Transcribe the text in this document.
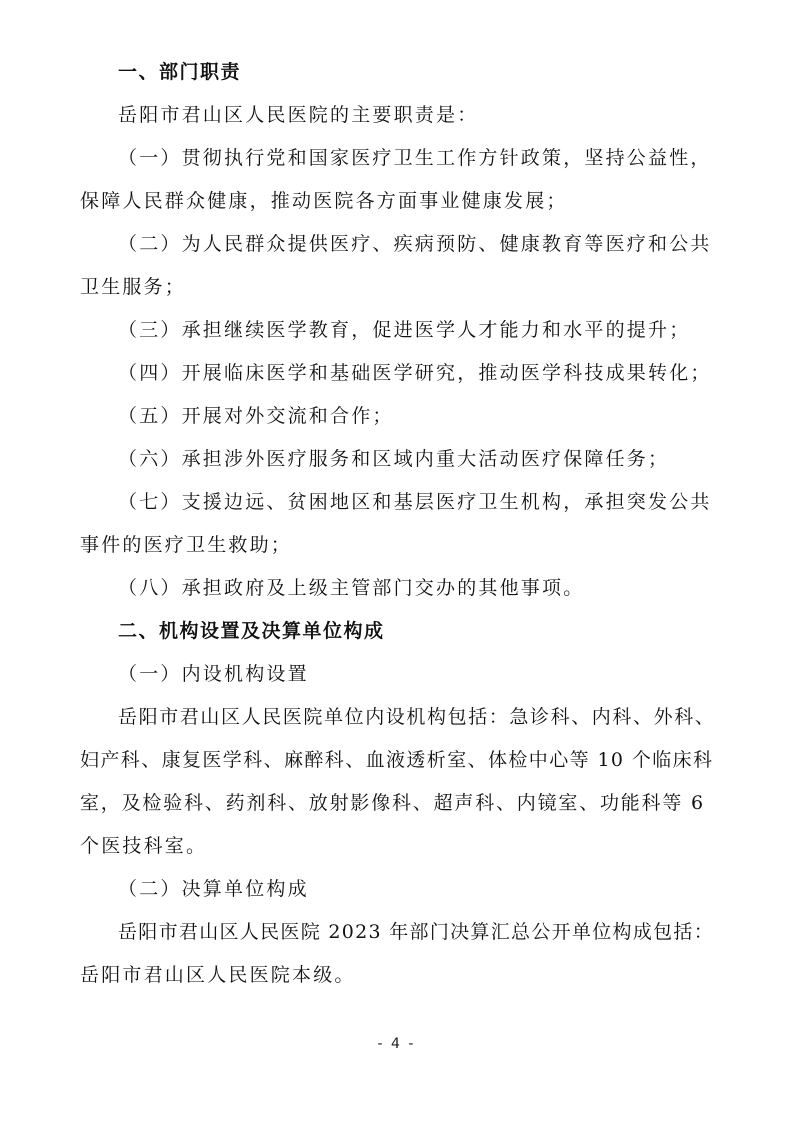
一、部门职责
岳阳市君山区人民医院的主要职责是：
（一）贯彻执行党和国家医疗卫生工作方针政策，坚持公益性，
保障人民群众健康，推动医院各方面事业健康发展；
（二）为人民群众提供医疗、疾病预防、健康教育等医疗和公共
卫生服务；
（三）承担继续医学教育，促进医学人才能力和水平的提升；
（四）开展临床医学和基础医学研究，推动医学科技成果转化；
（五）开展对外交流和合作；
（六）承担涉外医疗服务和区域内重大活动医疗保障任务；
（七）支援边远、贫困地区和基层医疗卫生机构，承担突发公共
事件的医疗卫生救助；
（八）承担政府及上级主管部门交办的其他事项。
二、机构设置及决算单位构成
（一）内设机构设置
岳阳市君山区人民医院单位内设机构包括：急诊科、内科、外科、
妇产科、康复医学科、麻醉科、血液透析室、体检中心等 10 个临床科
室，及检验科、药剂科、放射影像科、超声科、内镜室、功能科等 6
个医技科室。
（二）决算单位构成
岳阳市君山区人民医院 2023 年部门决算汇总公开单位构成包括：
岳阳市君山区人民医院本级。
- 4 -
